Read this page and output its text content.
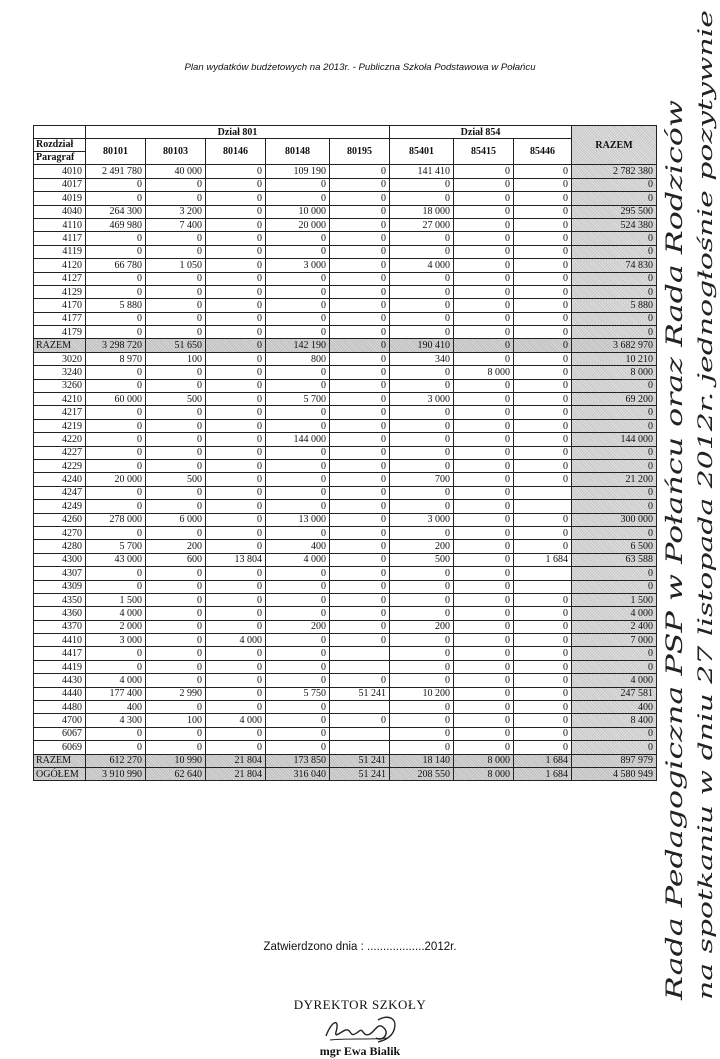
Plan wydatków budżetowych na 2013r. - Publiczna Szkoła Podstawowa w Połańcu
	Dział 801					Dział 854			RAZEM

Rozdział
Paragraf	80101	80103	80146	80148	80195	85401	85415	85446	
4010	2 491 780	40 000	0	109 190	0	141 410	0	0	2 782 380
4017	0	0	0	0	0	0	0	0	0
4019	0	0	0	0	0	0	0	0	0
4040	264 300	3 200	0	10 000	0	18 000	0	0	295 500
4110	469 980	7 400	0	20 000	0	27 000	0	0	524 380
4117	0	0	0	0	0	0	0	0	0
4119	0	0	0	0	0	0	0	0	0
4120	66 780	1 050	0	3 000	0	4 000	0	0	74 830
4127	0	0	0	0	0	0	0	0	0
4129	0	0	0	0	0	0	0	0	0
4170	5 880	0	0	0	0	0	0	0	5 880
4177	0	0	0	0	0	0	0	0	0
4179	0	0	0	0	0	0	0	0	0
RAZEM	3 298 720	51 650	0	142 190	0	190 410	0	0	3 682 970
3020	8 970	100	0	800	0	340	0	0	10 210
3240	0	0	0	0	0	0	8 000	0	8 000
3260	0	0	0	0	0	0	0	0	0
4210	60 000	500	0	5 700	0	3 000	0	0	69 200
4217	0	0	0	0	0	0	0	0	0
4219	0	0	0	0	0	0	0	0	0
4220	0	0	0	144 000	0	0	0	0	144 000
4227	0	0	0	0	0	0	0	0	0
4229	0	0	0	0	0	0	0	0	0
4240	20 000	500	0	0	0	700	0	0	21 200
4247	0	0	0	0	0	0	0		0
4249	0	0	0	0	0	0	0		0
4260	278 000	6 000	0	13 000	0	3 000	0	0	300 000
4270	0	0	0	0	0	0	0	0	0
4280	5 700	200	0	400	0	200	0	0	6 500
4300	43 000	600	13 804	4 000	0	500	0	1 684	63 588
4307	0	0	0	0	0	0	0		0
4309	0	0	0	0	0	0	0		0
4350	1 500	0	0	0	0	0	0	0	1 500
4360	4 000	0	0	0	0	0	0	0	4 000
4370	2 000	0	0	200	0	200	0	0	2 400
4410	3 000	0	4 000	0	0	0	0	0	7 000
4417	0	0	0	0		0	0	0	0
4419	0	0	0	0		0	0	0	0
4430	4 000	0	0	0	0	0	0	0	4 000
4440	177 400	2 990	0	5 750	51 241	10 200	0	0	247 581
4480	400	0	0	0		0	0	0	400
4700	4 300	100	4 000	0	0	0	0	0	8 400
6067	0	0	0	0		0	0	0	0
6069	0	0	0	0		0	0	0	0
RAZEM	612 270	10 990	21 804	173 850	51 241	18 140	8 000	1 684	897 979
OGÓŁEM	3 910 990	62 640	21 804	316 040	51 241	208 550	8 000	1 684	4 580 949
Zatwierdzono dnia : ..................2012r.
DYREKTOR SZKOŁY
mgr Ewa Bialik
Rada Pedagogiczna PSP w Połańcu oraz Rada Rodziców na spotkaniu w dniu 27 listopada 2012r. jednogłośnie pozytywnie
